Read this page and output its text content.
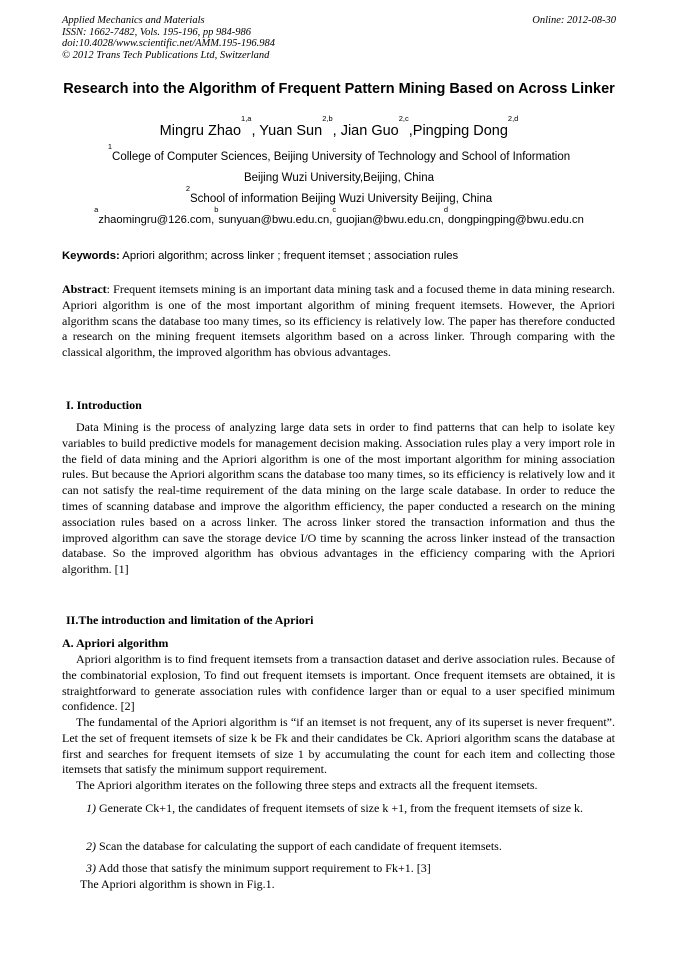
Applied Mechanics and Materials
ISSN: 1662-7482, Vols. 195-196, pp 984-986
doi:10.4028/www.scientific.net/AMM.195-196.984
© 2012 Trans Tech Publications Ltd, Switzerland
Online: 2012-08-30
Research into the Algorithm of Frequent Pattern Mining Based on Across Linker
Mingru Zhao$^{1,a}$, Yuan Sun$^{2,b}$, Jian Guo$^{2,c}$,Pingping Dong$^{2,d}$
$^1$College of Computer Sciences, Beijing University of Technology and School of Information
Beijing Wuzi University,Beijing, China
$^2$School of information Beijing Wuzi University Beijing, China
$^a$zhaomingru@126.com,$^b$sunyuan@bwu.edu.cn,$^c$guojian@bwu.edu.cn,$^d$dongpingping@bwu.edu.cn
Keywords: Apriori algorithm; across linker ; frequent itemset ; association rules
Abstract: Frequent itemsets mining is an important data mining task and a focused theme in data mining research. Apriori algorithm is one of the most important algorithm of mining frequent itemsets. However, the Apriori algorithm scans the database too many times, so its efficiency is relatively low. The paper has therefore conducted a research on the mining frequent itemsets algorithm based on a across linker. Through comparing with the classical algorithm, the improved algorithm has obvious advantages.
I. Introduction
Data Mining is the process of analyzing large data sets in order to find patterns that can help to isolate key variables to build predictive models for management decision making. Association rules play a very import role in the field of data mining and the Apriori algorithm is one of the most important algorithm for mining association rules. But because the Apriori algorithm scans the database too many times, so its efficiency is relatively low and it can not satisfy the real-time requirement of the data mining on the large scale database. In order to reduce the times of scanning database and improve the algorithm efficiency, the paper conducted a research on the mining association rules based on a across linker. The across linker stored the transaction information and thus the improved algorithm can save the storage device I/O time by scanning the across linker instead of the transaction database. So the improved algorithm has obvious advantages in the efficiency comparing with the Apriori algorithm. [1]
II.The introduction and limitation of the Apriori
A. Apriori algorithm
Apriori algorithm is to find frequent itemsets from a transaction dataset and derive association rules. Because of the combinatorial explosion, To find out frequent itemsets is important. Once frequent itemsets are obtained, it is straightforward to generate association rules with confidence larger than or equal to a user specified minimum confidence. [2]
The fundamental of the Apriori algorithm is “if an itemset is not frequent, any of its superset is never frequent”. Let the set of frequent itemsets of size k be Fk and their candidates be Ck. Apriori algorithm scans the database at first and searches for frequent itemsets of size 1 by accumulating the count for each item and collecting those itemsets that satisfy the minimum support requirement.
The Apriori algorithm iterates on the following three steps and extracts all the frequent itemsets.
1) Generate Ck+1, the candidates of frequent itemsets of size k +1, from the frequent itemsets of size k.
2) Scan the database for calculating the support of each candidate of frequent itemsets.
3) Add those that satisfy the minimum support requirement to Fk+1. [3]
The Apriori algorithm is shown in Fig.1.
